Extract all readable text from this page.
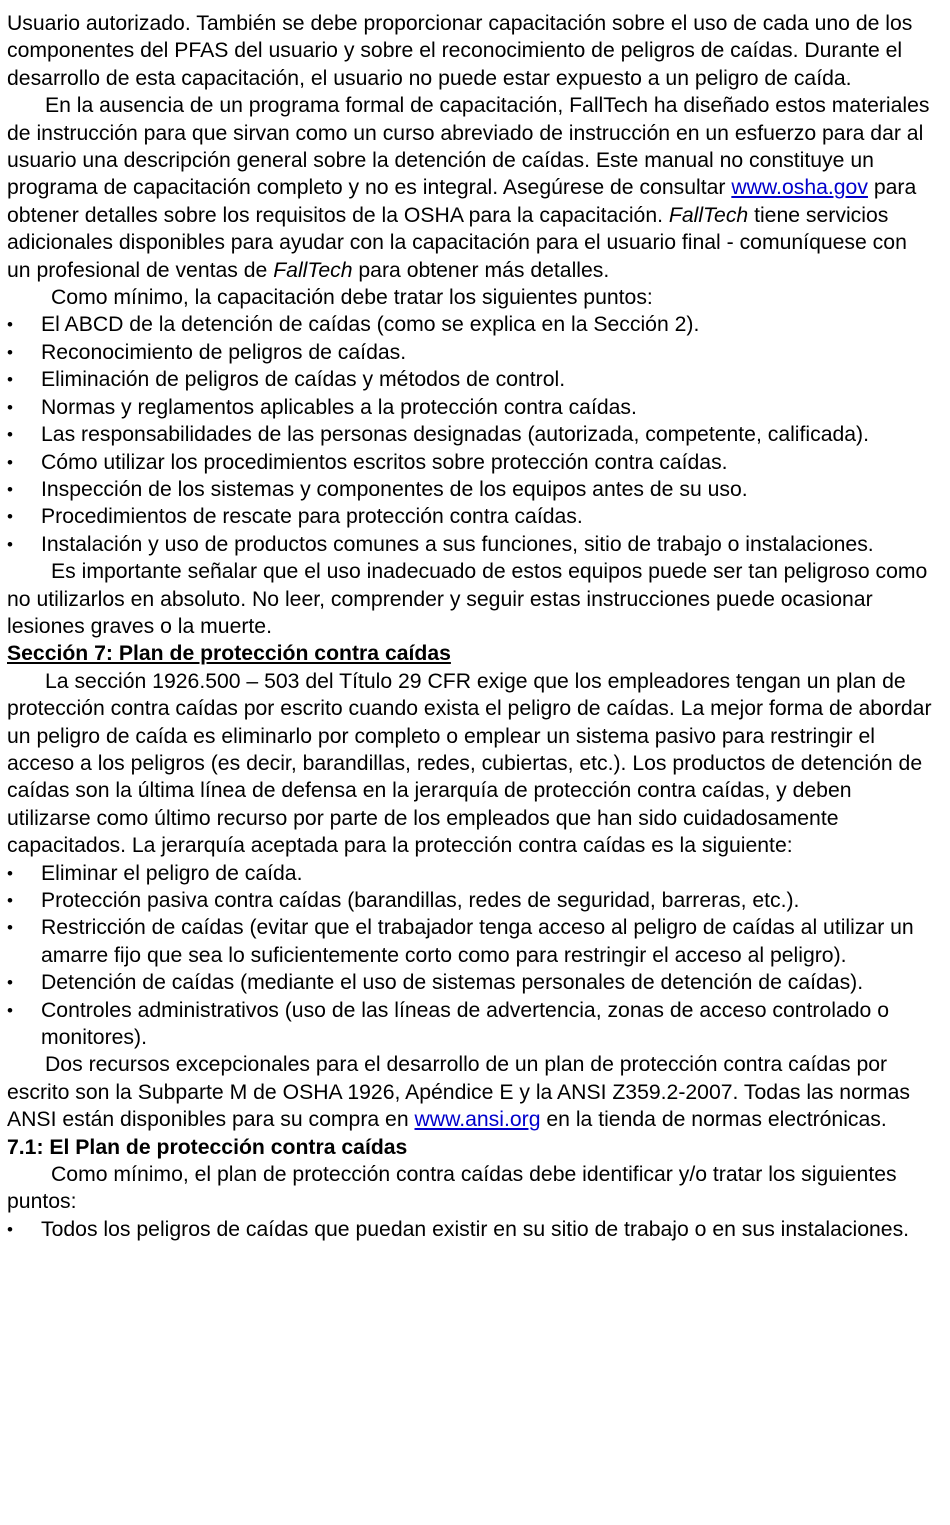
Usuario autorizado. También se debe proporcionar capacitación sobre el uso de cada uno de los componentes del PFAS del usuario y sobre el reconocimiento de peligros de caídas. Durante el desarrollo de esta capacitación, el usuario no puede estar expuesto a un peligro de caída.

En la ausencia de un programa formal de capacitación, FallTech ha diseñado estos materiales de instrucción para que sirvan como un curso abreviado de instrucción en un esfuerzo para dar al usuario una descripción general sobre la detención de caídas. Este manual no constituye un programa de capacitación completo y no es integral. Asegúrese de consultar www.osha.gov para obtener detalles sobre los requisitos de la OSHA para la capacitación. FallTech tiene servicios adicionales disponibles para ayudar con la capacitación para el usuario final - comuníquese con un profesional de ventas de FallTech para obtener más detalles.

Como mínimo, la capacitación debe tratar los siguientes puntos:

• El ABCD de la detención de caídas (como se explica en la Sección 2).
• Reconocimiento de peligros de caídas.
• Eliminación de peligros de caídas y métodos de control.
• Normas y reglamentos aplicables a la protección contra caídas.
• Las responsabilidades de las personas designadas (autorizada, competente, calificada).
• Cómo utilizar los procedimientos escritos sobre protección contra caídas.
• Inspección de los sistemas y componentes de los equipos antes de su uso.
• Procedimientos de rescate para protección contra caídas.
• Instalación y uso de productos comunes a sus funciones, sitio de trabajo o instalaciones.

Es importante señalar que el uso inadecuado de estos equipos puede ser tan peligroso como no utilizarlos en absoluto. No leer, comprender y seguir estas instrucciones puede ocasionar lesiones graves o la muerte.

Sección 7: Plan de protección contra caídas

La sección 1926.500 – 503 del Título 29 CFR exige que los empleadores tengan un plan de protección contra caídas por escrito cuando exista el peligro de caídas. La mejor forma de abordar un peligro de caída es eliminarlo por completo o emplear un sistema pasivo para restringir el acceso a los peligros (es decir, barandillas, redes, cubiertas, etc.). Los productos de detención de caídas son la última línea de defensa en la jerarquía de protección contra caídas, y deben utilizarse como último recurso por parte de los empleados que han sido cuidadosamente capacitados. La jerarquía aceptada para la protección contra caídas es la siguiente:

• Eliminar el peligro de caída.
• Protección pasiva contra caídas (barandillas, redes de seguridad, barreras, etc.).
• Restricción de caídas (evitar que el trabajador tenga acceso al peligro de caídas al utilizar un amarre fijo que sea lo suficientemente corto como para restringir el acceso al peligro).
• Detención de caídas (mediante el uso de sistemas personales de detención de caídas).
• Controles administrativos (uso de las líneas de advertencia, zonas de acceso controlado o monitores).

Dos recursos excepcionales para el desarrollo de un plan de protección contra caídas por escrito son la Subparte M de OSHA 1926, Apéndice E y la ANSI Z359.2-2007. Todas las normas ANSI están disponibles para su compra en www.ansi.org en la tienda de normas electrónicas.

7.1: El Plan de protección contra caídas

Como mínimo, el plan de protección contra caídas debe identificar y/o tratar los siguientes puntos:

• Todos los peligros de caídas que puedan existir en su sitio de trabajo o en sus instalaciones.
